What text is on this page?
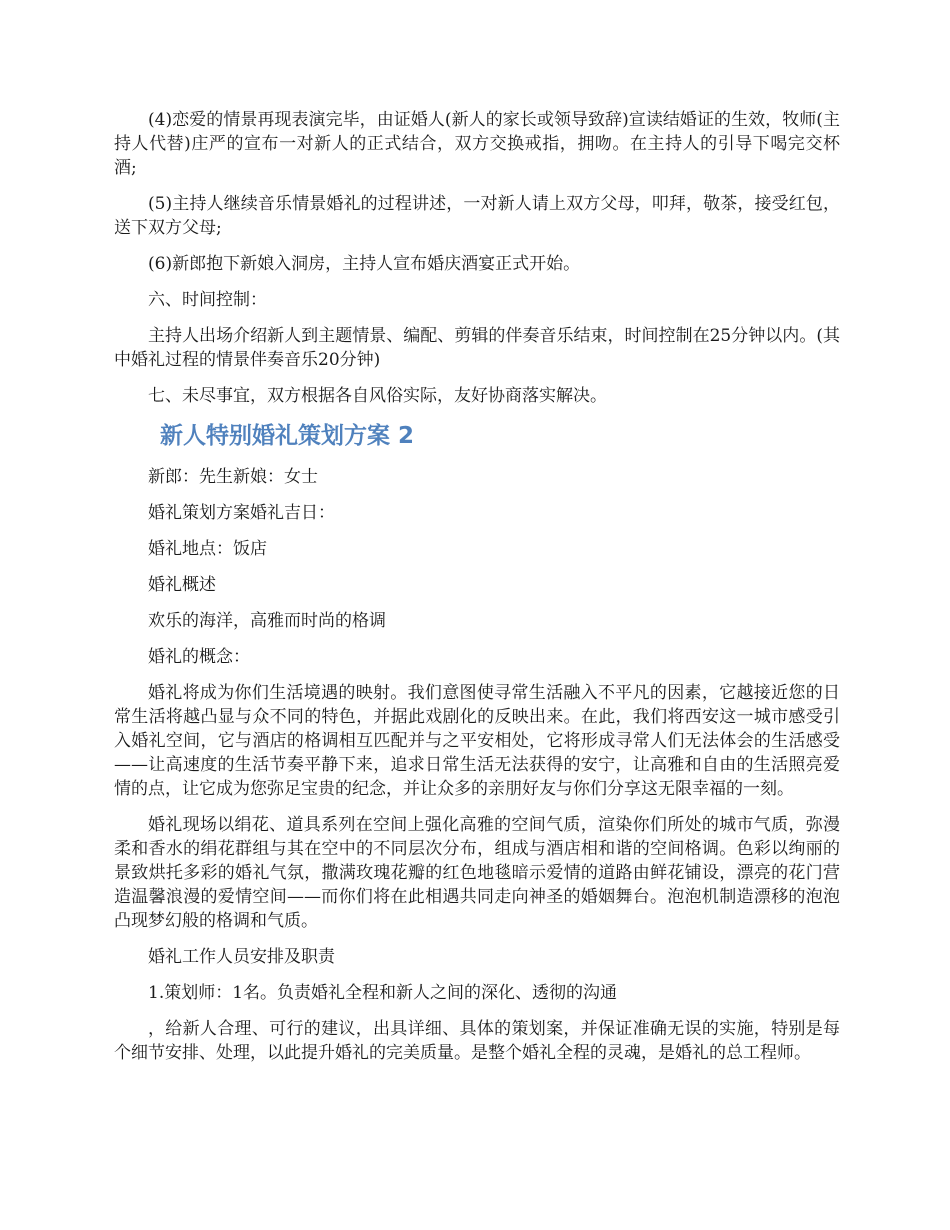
(4)恋爱的情景再现表演完毕，由证婚人(新人的家长或领导致辞)宣读结婚证的生效，牧师(主持人代替)庄严的宣布一对新人的正式结合，双方交换戒指，拥吻。在主持人的引导下喝完交杯酒;

(5)主持人继续音乐情景婚礼的过程讲述，一对新人请上双方父母，叩拜，敬茶，接受红包，送下双方父母;

(6)新郎抱下新娘入洞房，主持人宣布婚庆酒宴正式开始。

六、时间控制：

主持人出场介绍新人到主题情景、编配、剪辑的伴奏音乐结束，时间控制在25分钟以内。(其中婚礼过程的情景伴奏音乐20分钟)

七、未尽事宜，双方根据各自风俗实际，友好协商落实解决。

新人特别婚礼策划方案 2

新郎：先生新娘：女士

婚礼策划方案婚礼吉日：

婚礼地点：饭店

婚礼概述

欢乐的海洋，高雅而时尚的格调

婚礼的概念：

婚礼将成为你们生活境遇的映射。我们意图使寻常生活融入不平凡的因素，它越接近您的日常生活将越凸显与众不同的特色，并据此戏剧化的反映出来。在此，我们将西安这一城市感受引入婚礼空间，它与酒店的格调相互匹配并与之平安相处，它将形成寻常人们无法体会的生活感受——让高速度的生活节奏平静下来，追求日常生活无法获得的安宁，让高雅和自由的生活照亮爱情的点，让它成为您弥足宝贵的纪念，并让众多的亲朋好友与你们分享这无限幸福的一刻。

婚礼现场以绢花、道具系列在空间上强化高雅的空间气质，渲染你们所处的城市气质，弥漫柔和香水的绢花群组与其在空中的不同层次分布，组成与酒店相和谐的空间格调。色彩以绚丽的景致烘托多彩的婚礼气氛，撒满玫瑰花瓣的红色地毯暗示爱情的道路由鲜花铺设，漂亮的花门营造温馨浪漫的爱情空间——而你们将在此相遇共同走向神圣的婚姻舞台。泡泡机制造漂移的泡泡凸现梦幻般的格调和气质。

婚礼工作人员安排及职责

1.策划师：1名。负责婚礼全程和新人之间的深化、透彻的沟通

，给新人合理、可行的建议，出具详细、具体的策划案，并保证准确无误的实施，特别是每个细节安排、处理，以此提升婚礼的完美质量。是整个婚礼全程的灵魂，是婚礼的总工程师。
